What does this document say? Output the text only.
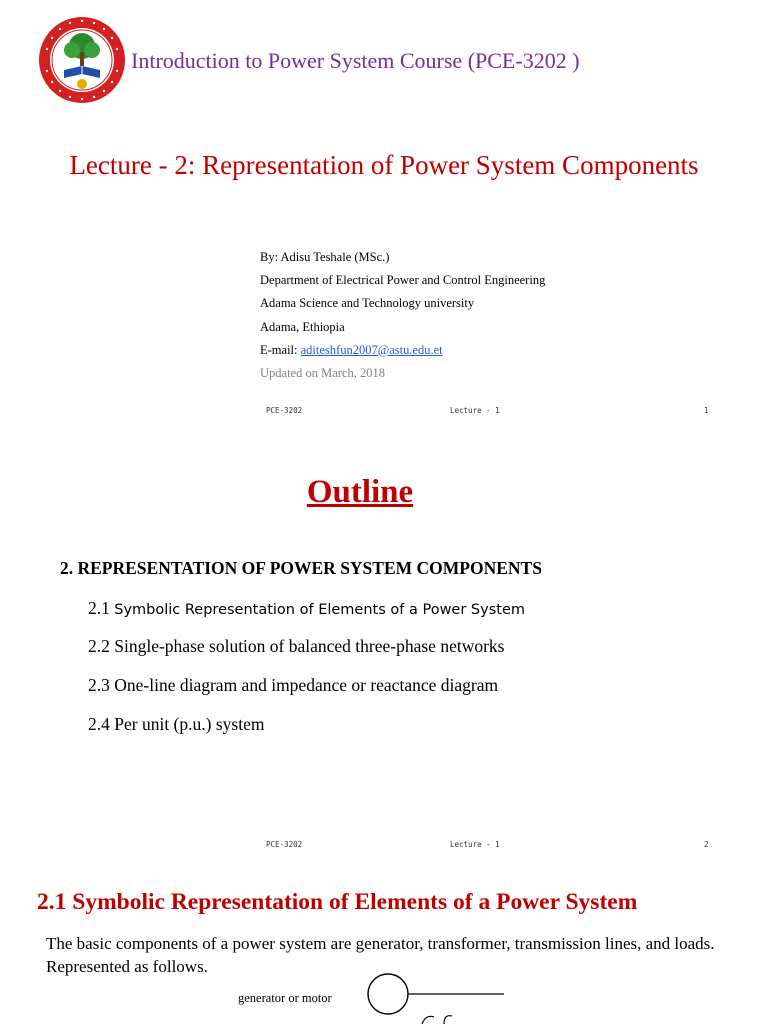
Introduction to Power System Course (PCE-3202 )
Lecture - 2: Representation of Power System Components
By: Adisu Teshale (MSc.)
Department of Electrical Power and Control Engineering
Adama Science and Technology university
Adama, Ethiopia
E-mail: aditeshfun2007@astu.edu.et
Updated on March, 2018
PCE-3202	Lecture - 1	1
Outline
2. REPRESENTATION OF POWER SYSTEM COMPONENTS
2.1 Symbolic Representation of Elements of a Power System
2.2 Single-phase solution of balanced three-phase networks
2.3 One-line diagram and impedance or reactance diagram
2.4 Per unit (p.u.) system
PCE-3202	Lecture - 1	2
2.1 Symbolic Representation of Elements of a Power System
The basic components of a power system are generator, transformer, transmission lines, and loads. Represented as follows.
generator or motor
